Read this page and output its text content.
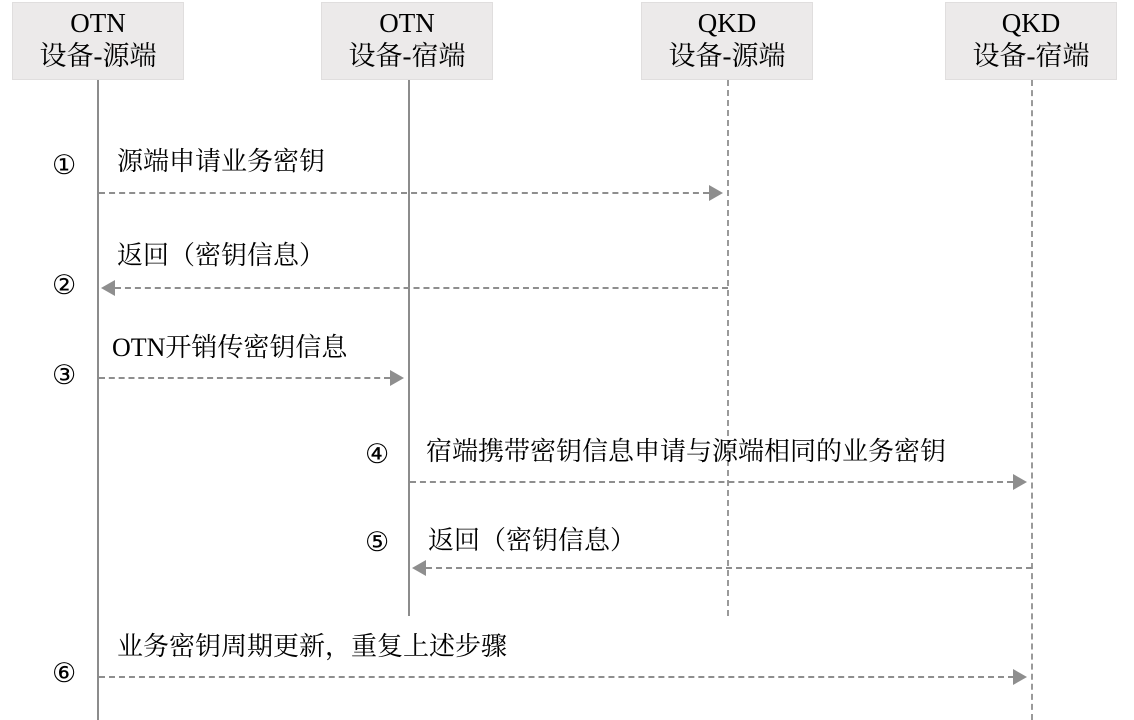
OTN
设备-源端
OTN
设备-宿端
QKD
设备-源端
QKD
设备-宿端
① 源端申请业务密钥
②
返回（密钥信息）
③
OTN开销传密钥信息
④ 宿端携带密钥信息申请与源端相同的业务密钥
⑤ 返回（密钥信息）
⑥
业务密钥周期更新，重复上述步骤
